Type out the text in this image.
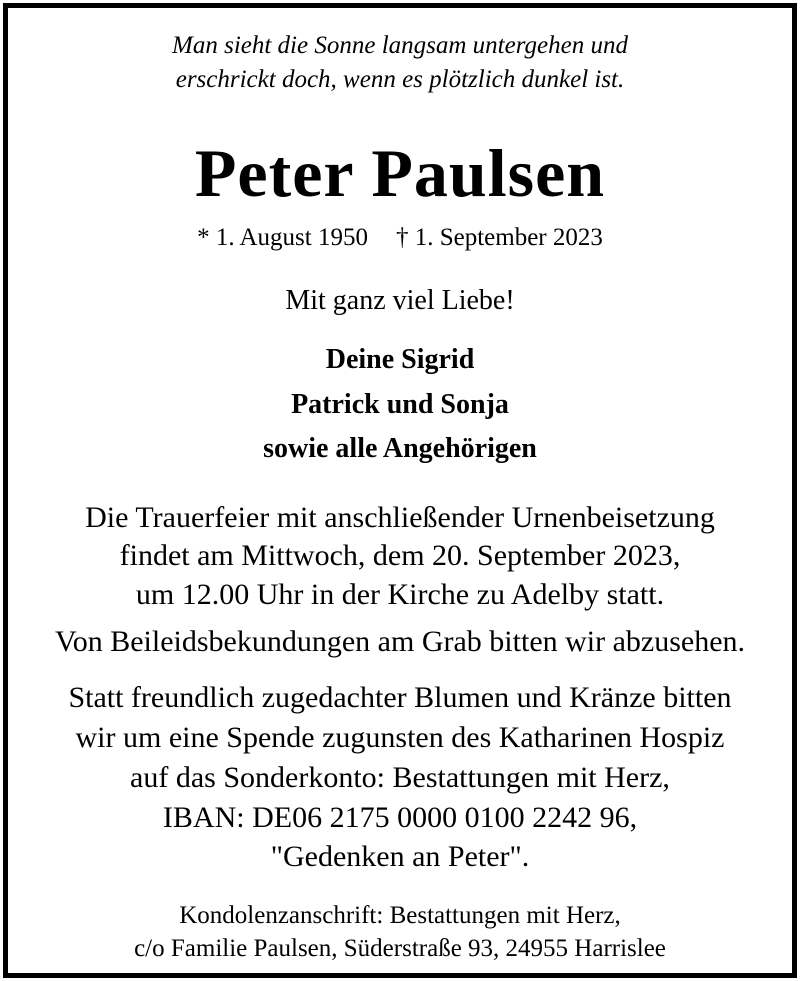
Man sieht die Sonne langsam untergehen und
erschrickt doch, wenn es plötzlich dunkel ist.
Peter Paulsen
* 1. August 1950 † 1. September 2023
Mit ganz viel Liebe!
Deine Sigrid
Patrick und Sonja
sowie alle Angehörigen
Die Trauerfeier mit anschließender Urnenbeisetzung
findet am Mittwoch, dem 20. September 2023,
um 12.00 Uhr in der Kirche zu Adelby statt.
Von Beileidsbekundungen am Grab bitten wir abzusehen.
Statt freundlich zugedachter Blumen und Kränze bitten
wir um eine Spende zugunsten des Katharinen Hospiz
auf das Sonderkonto: Bestattungen mit Herz,
IBAN: DE06 2175 0000 0100 2242 96,
"Gedenken an Peter".
Kondolenzanschrift: Bestattungen mit Herz,
c/o Familie Paulsen, Süderstraße 93, 24955 Harrislee
